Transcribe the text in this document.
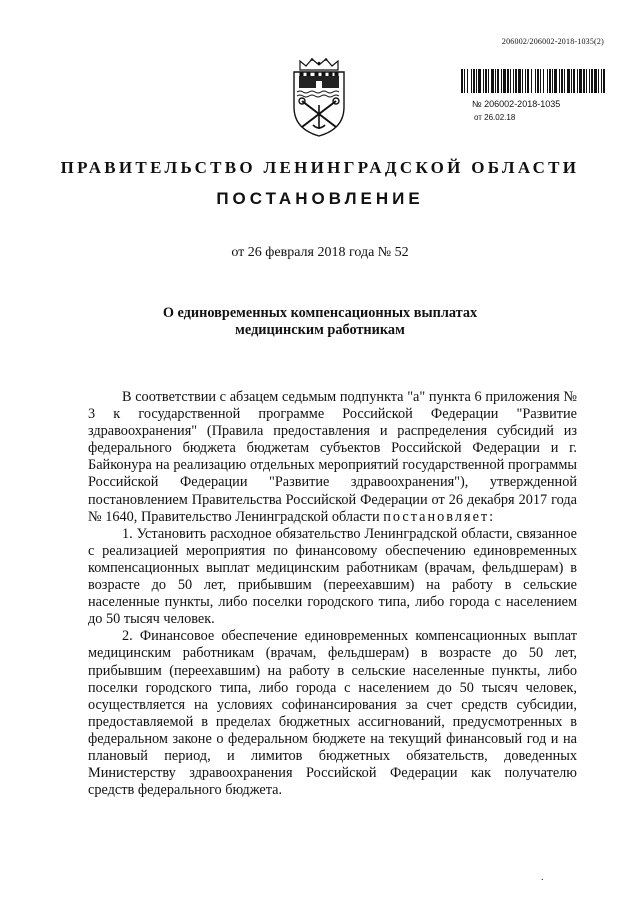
206002/206002-2018-1035(2)
№ 206002-2018-1035
от 26.02.18
ПРАВИТЕЛЬСТВО ЛЕНИНГРАДСКОЙ ОБЛАСТИ
ПОСТАНОВЛЕНИЕ
от 26 февраля 2018 года № 52
О единовременных компенсационных выплатах
медицинским работникам

В соответствии с абзацем седьмым подпункта "а" пункта 6 приложения № 3 к государственной программе Российской Федерации "Развитие здравоохранения" (Правила предоставления и распределения субсидий из федерального бюджета бюджетам субъектов Российской Федерации и г. Байконура на реализацию отдельных мероприятий государственной программы Российской Федерации "Развитие здравоохранения"), утвержденной постановлением Правительства Российской Федерации от 26 декабря 2017 года № 1640, Правительство Ленинградской области постановляет:

1. Установить расходное обязательство Ленинградской области, связанное с реализацией мероприятия по финансовому обеспечению единовременных компенсационных выплат медицинским работникам (врачам, фельдшерам) в возрасте до 50 лет, прибывшим (переехавшим) на работу в сельские населенные пункты, либо поселки городского типа, либо города с населением до 50 тысяч человек.

2. Финансовое обеспечение единовременных компенсационных выплат медицинским работникам (врачам, фельдшерам) в возрасте до 50 лет, прибывшим (переехавшим) на работу в сельские населенные пункты, либо поселки городского типа, либо города с населением до 50 тысяч человек, осуществляется на условиях софинансирования за счет средств субсидии, предоставляемой в пределах бюджетных ассигнований, предусмотренных в федеральном законе о федеральном бюджете на текущий финансовый год и на плановый период, и лимитов бюджетных обязательств, доведенных Министерству здравоохранения Российской Федерации как получателю средств федерального бюджета.

.
